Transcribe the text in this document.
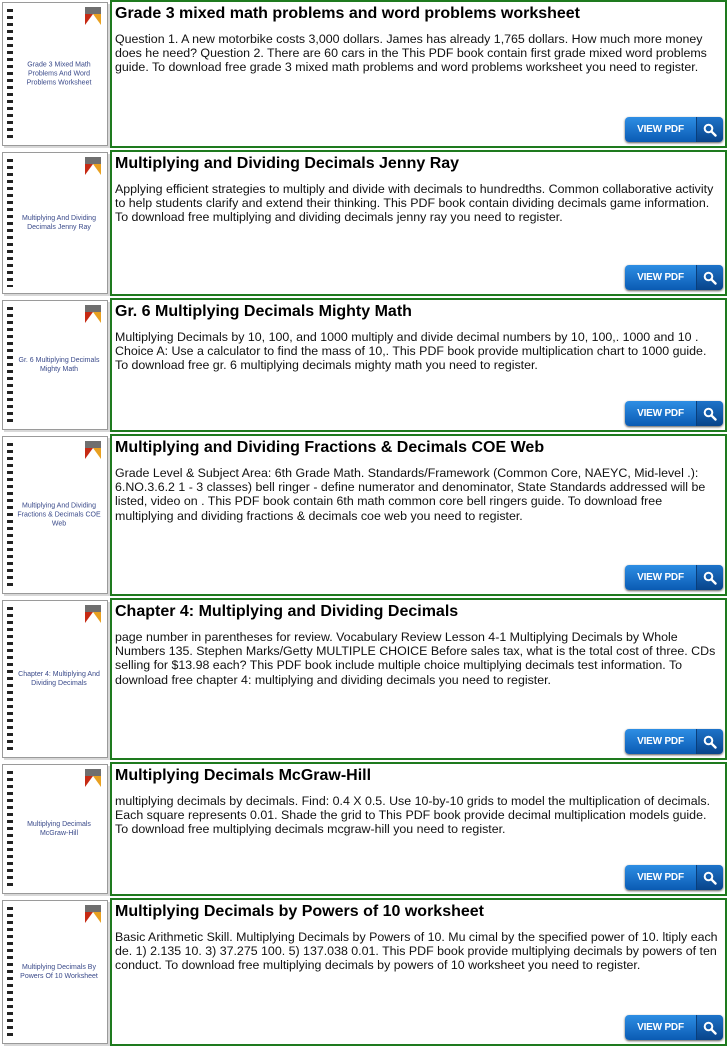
Grade 3 Mixed Math Problems And Word Problems Worksheet
Grade 3 mixed math problems and word problems worksheet
Question 1. A new motorbike costs 3,000 dollars. James has already 1,765 dollars. How much more money does he need? Question 2. There are 60 cars in the This PDF book contain first grade mixed word problems guide. To download free grade 3 mixed math problems and word problems worksheet you need to register.
VIEW PDF
Multiplying And Dividing Decimals Jenny Ray
Multiplying and Dividing Decimals Jenny Ray
Applying efficient strategies to multiply and divide with decimals to hundredths. Common collaborative activity to help students clarify and extend their thinking. This PDF book contain dividing decimals game information. To download free multiplying and dividing decimals jenny ray you need to register.
VIEW PDF
Gr. 6 Multiplying Decimals Mighty Math
Gr. 6 Multiplying Decimals Mighty Math
Multiplying Decimals by 10, 100, and 1000 multiply and divide decimal numbers by 10, 100,. 1000 and 10 . Choice A: Use a calculator to find the mass of 10,. This PDF book provide multiplication chart to 1000 guide. To download free gr. 6 multiplying decimals mighty math you need to register.
VIEW PDF
Multiplying And Dividing Fractions & Decimals COE Web
Multiplying and Dividing Fractions & Decimals COE Web
Grade Level & Subject Area: 6th Grade Math. Standards/Framework (Common Core, NAEYC, Mid-level .): 6.NO.3.6.2 1 - 3 classes) bell ringer - define numerator and denominator, State Standards addressed will be listed, video on . This PDF book contain 6th math common core bell ringers guide. To download free multiplying and dividing fractions & decimals coe web you need to register.
VIEW PDF
Chapter 4: Multiplying And Dividing Decimals
Chapter 4: Multiplying and Dividing Decimals
page number in parentheses for review. Vocabulary Review Lesson 4-1 Multiplying Decimals by Whole Numbers 135. Stephen Marks/Getty MULTIPLE CHOICE Before sales tax, what is the total cost of three. CDs selling for $13.98 each? This PDF book include multiple choice multiplying decimals test information. To download free chapter 4: multiplying and dividing decimals you need to register.
VIEW PDF
Multiplying Decimals McGraw-Hill
Multiplying Decimals McGraw-Hill
multiplying decimals by decimals. Find: 0.4 X 0.5. Use 10-by-10 grids to model the multiplication of decimals. Each square represents 0.01. Shade the grid to This PDF book provide decimal multiplication models guide. To download free multiplying decimals mcgraw-hill you need to register.
VIEW PDF
Multiplying Decimals By Powers Of 10 Worksheet
Multiplying Decimals by Powers of 10 worksheet
Basic Arithmetic Skill. Multiplying Decimals by Powers of 10. Mu cimal by the specified power of 10. ltiply each de. 1) 2.135 10. 3) 37.275 100. 5) 137.038 0.01. This PDF book provide multiplying decimals by powers of ten conduct. To download free multiplying decimals by powers of 10 worksheet you need to register.
VIEW PDF
